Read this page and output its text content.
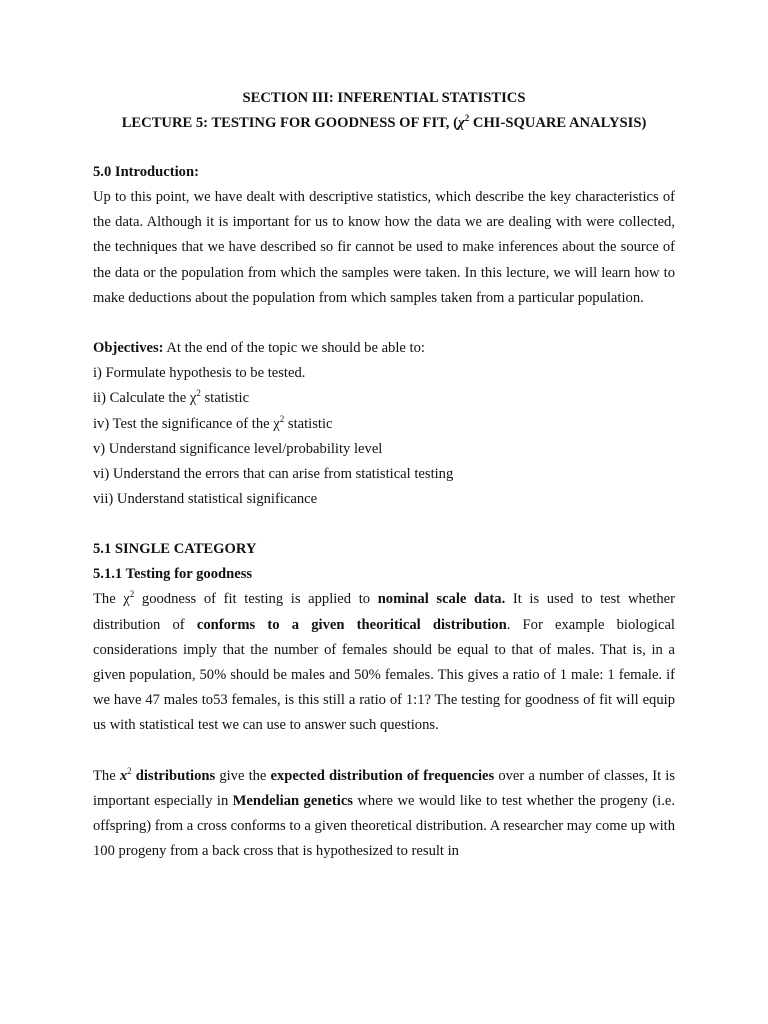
SECTION III: INFERENTIAL STATISTICS

LECTURE 5: TESTING FOR GOODNESS OF FIT, ($\chi^2$ CHI-SQUARE ANALYSIS)

5.0 Introduction:

Up to this point, we have dealt with descriptive statistics, which describe the key characteristics of the data. Although it is important for us to know how the data we are dealing with were collected, the techniques that we have described so fir cannot be used to make inferences about the source of the data or the population from which the samples were taken. In this lecture, we will learn how to make deductions about the population from which samples taken from a particular population.

Objectives: At the end of the topic we should be able to:

i) Formulate hypothesis to be tested.

ii) Calculate the $\chi^2$ statistic

iv) Test the significance of the $\chi^2$ statistic

v) Understand significance level/probability level

vi) Understand the errors that can arise from statistical testing

vii) Understand statistical significance

5.1 SINGLE CATEGORY

5.1.1 Testing for goodness

The $\chi^2$ goodness of fit testing is applied to nominal scale data. It is used to test whether distribution of conforms to a given theoritical distribution. For example biological considerations imply that the number of females should be equal to that of males. That is, in a given population, 50% should be males and 50% females. This gives a ratio of 1 male: 1 female. if we have 47 males to53 females, is this still a ratio of 1:1? The testing for goodness of fit will equip us with statistical test we can use to answer such questions.

The $x^2$ distributions give the expected distribution of frequencies over a number of classes, It is important especially in Mendelian genetics where we would like to test whether the progeny (i.e. offspring) from a cross conforms to a given theoretical distribution. A researcher may come up with 100 progeny from a back cross that is hypothesized to result in
